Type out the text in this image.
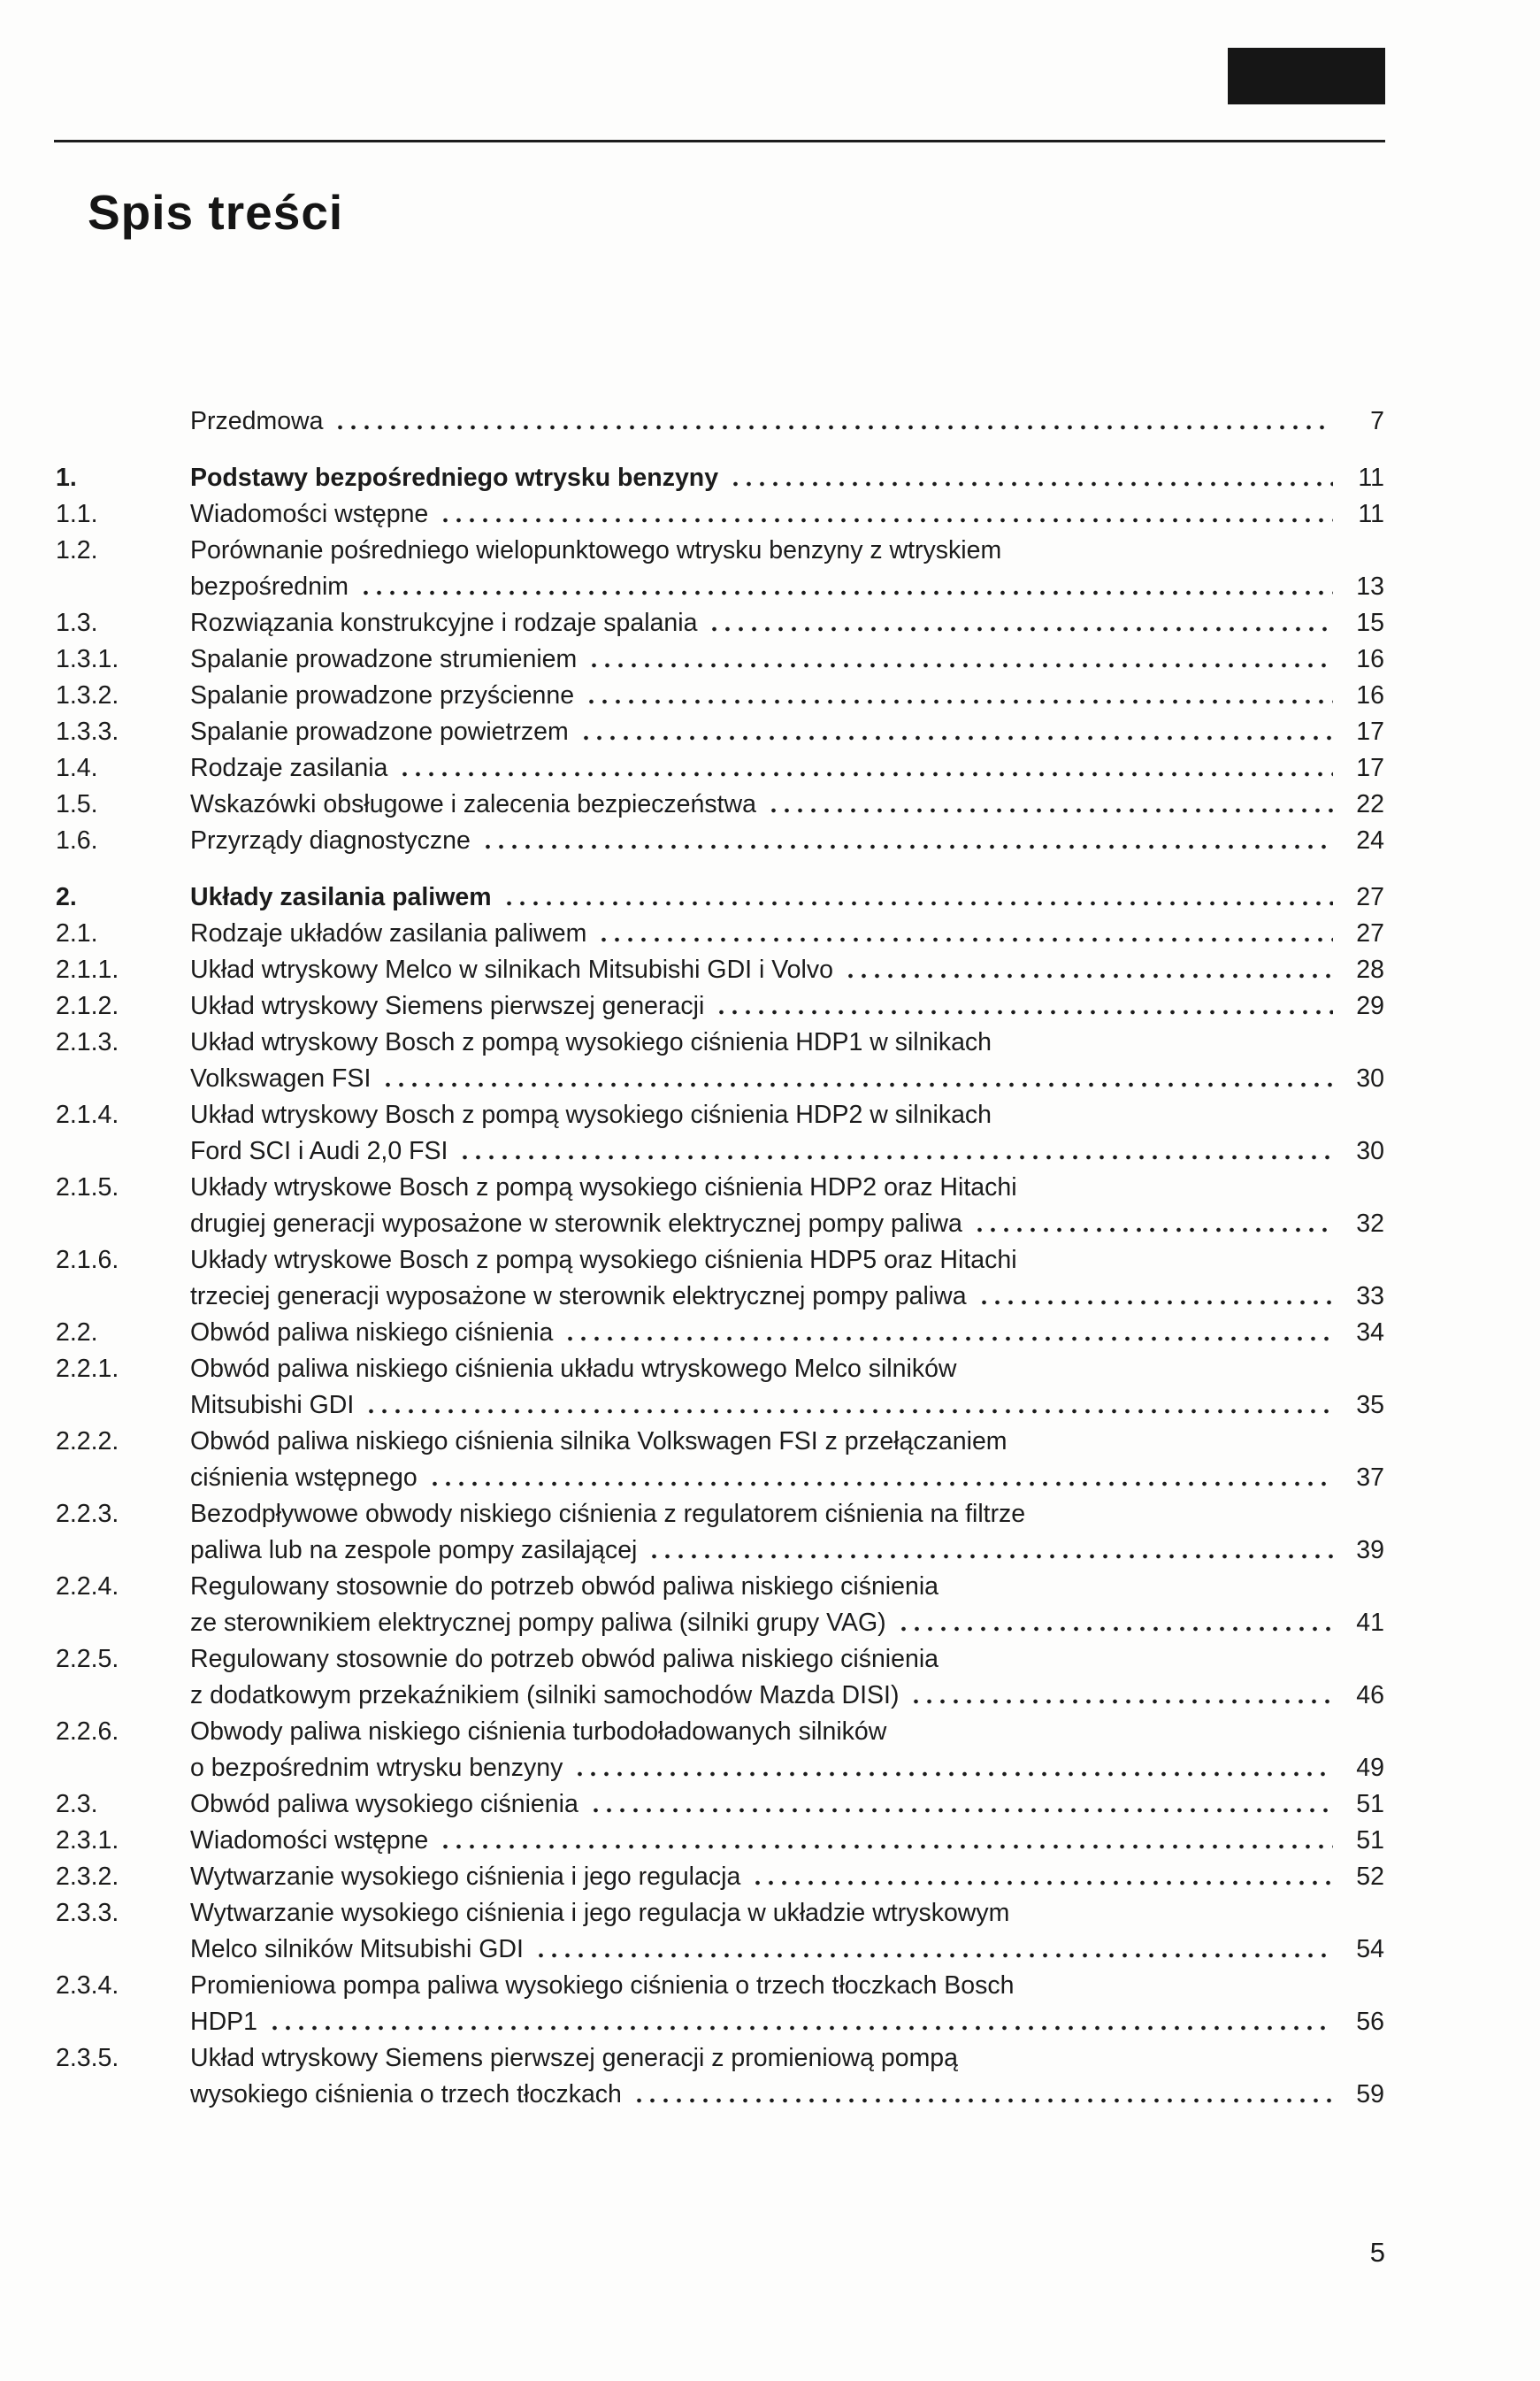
Spis treści
Przedmowa	7
1.	Podstawy bezpośredniego wtrysku benzyny	11
1.1.	Wiadomości wstępne	11
1.2.	Porównanie pośredniego wielopunktowego wtrysku benzyny z wtryskiem
bezpośrednim	13
1.3.	Rozwiązania konstrukcyjne i rodzaje spalania	15
1.3.1.	Spalanie prowadzone strumieniem	16
1.3.2.	Spalanie prowadzone przyścienne	16
1.3.3.	Spalanie prowadzone powietrzem	17
1.4.	Rodzaje zasilania	17
1.5.	Wskazówki obsługowe i zalecenia bezpieczeństwa	22
1.6.	Przyrządy diagnostyczne	24
2.	Układy zasilania paliwem	27
2.1.	Rodzaje układów zasilania paliwem	27
2.1.1.	Układ wtryskowy Melco w silnikach Mitsubishi GDI i Volvo	28
2.1.2.	Układ wtryskowy Siemens pierwszej generacji	29
2.1.3.	Układ wtryskowy Bosch z pompą wysokiego ciśnienia HDP1 w silnikach
Volkswagen FSI	30
2.1.4.	Układ wtryskowy Bosch z pompą wysokiego ciśnienia HDP2 w silnikach
Ford SCI i Audi 2,0 FSI	30
2.1.5.	Układy wtryskowe Bosch z pompą wysokiego ciśnienia HDP2 oraz Hitachi
drugiej generacji wyposażone w sterownik elektrycznej pompy paliwa	32
2.1.6.	Układy wtryskowe Bosch z pompą wysokiego ciśnienia HDP5 oraz Hitachi
trzeciej generacji wyposażone w sterownik elektrycznej pompy paliwa	33
2.2.	Obwód paliwa niskiego ciśnienia	34
2.2.1.	Obwód paliwa niskiego ciśnienia układu wtryskowego Melco silników
Mitsubishi GDI	35
2.2.2.	Obwód paliwa niskiego ciśnienia silnika Volkswagen FSI z przełączaniem
ciśnienia wstępnego	37
2.2.3.	Bezodpływowe obwody niskiego ciśnienia z regulatorem ciśnienia na filtrze
paliwa lub na zespole pompy zasilającej	39
2.2.4.	Regulowany stosownie do potrzeb obwód paliwa niskiego ciśnienia
ze sterownikiem elektrycznej pompy paliwa (silniki grupy VAG)	41
2.2.5.	Regulowany stosownie do potrzeb obwód paliwa niskiego ciśnienia
z dodatkowym przekaźnikiem (silniki samochodów Mazda DISI)	46
2.2.6.	Obwody paliwa niskiego ciśnienia turbodoładowanych silników
o bezpośrednim wtrysku benzyny	49
2.3.	Obwód paliwa wysokiego ciśnienia	51
2.3.1.	Wiadomości wstępne	51
2.3.2.	Wytwarzanie wysokiego ciśnienia i jego regulacja	52
2.3.3.	Wytwarzanie wysokiego ciśnienia i jego regulacja w układzie wtryskowym
Melco silników Mitsubishi GDI	54
2.3.4.	Promieniowa pompa paliwa wysokiego ciśnienia o trzech tłoczkach Bosch
HDP1	56
2.3.5.	Układ wtryskowy Siemens pierwszej generacji z promieniową pompą
wysokiego ciśnienia o trzech tłoczkach	59
5
